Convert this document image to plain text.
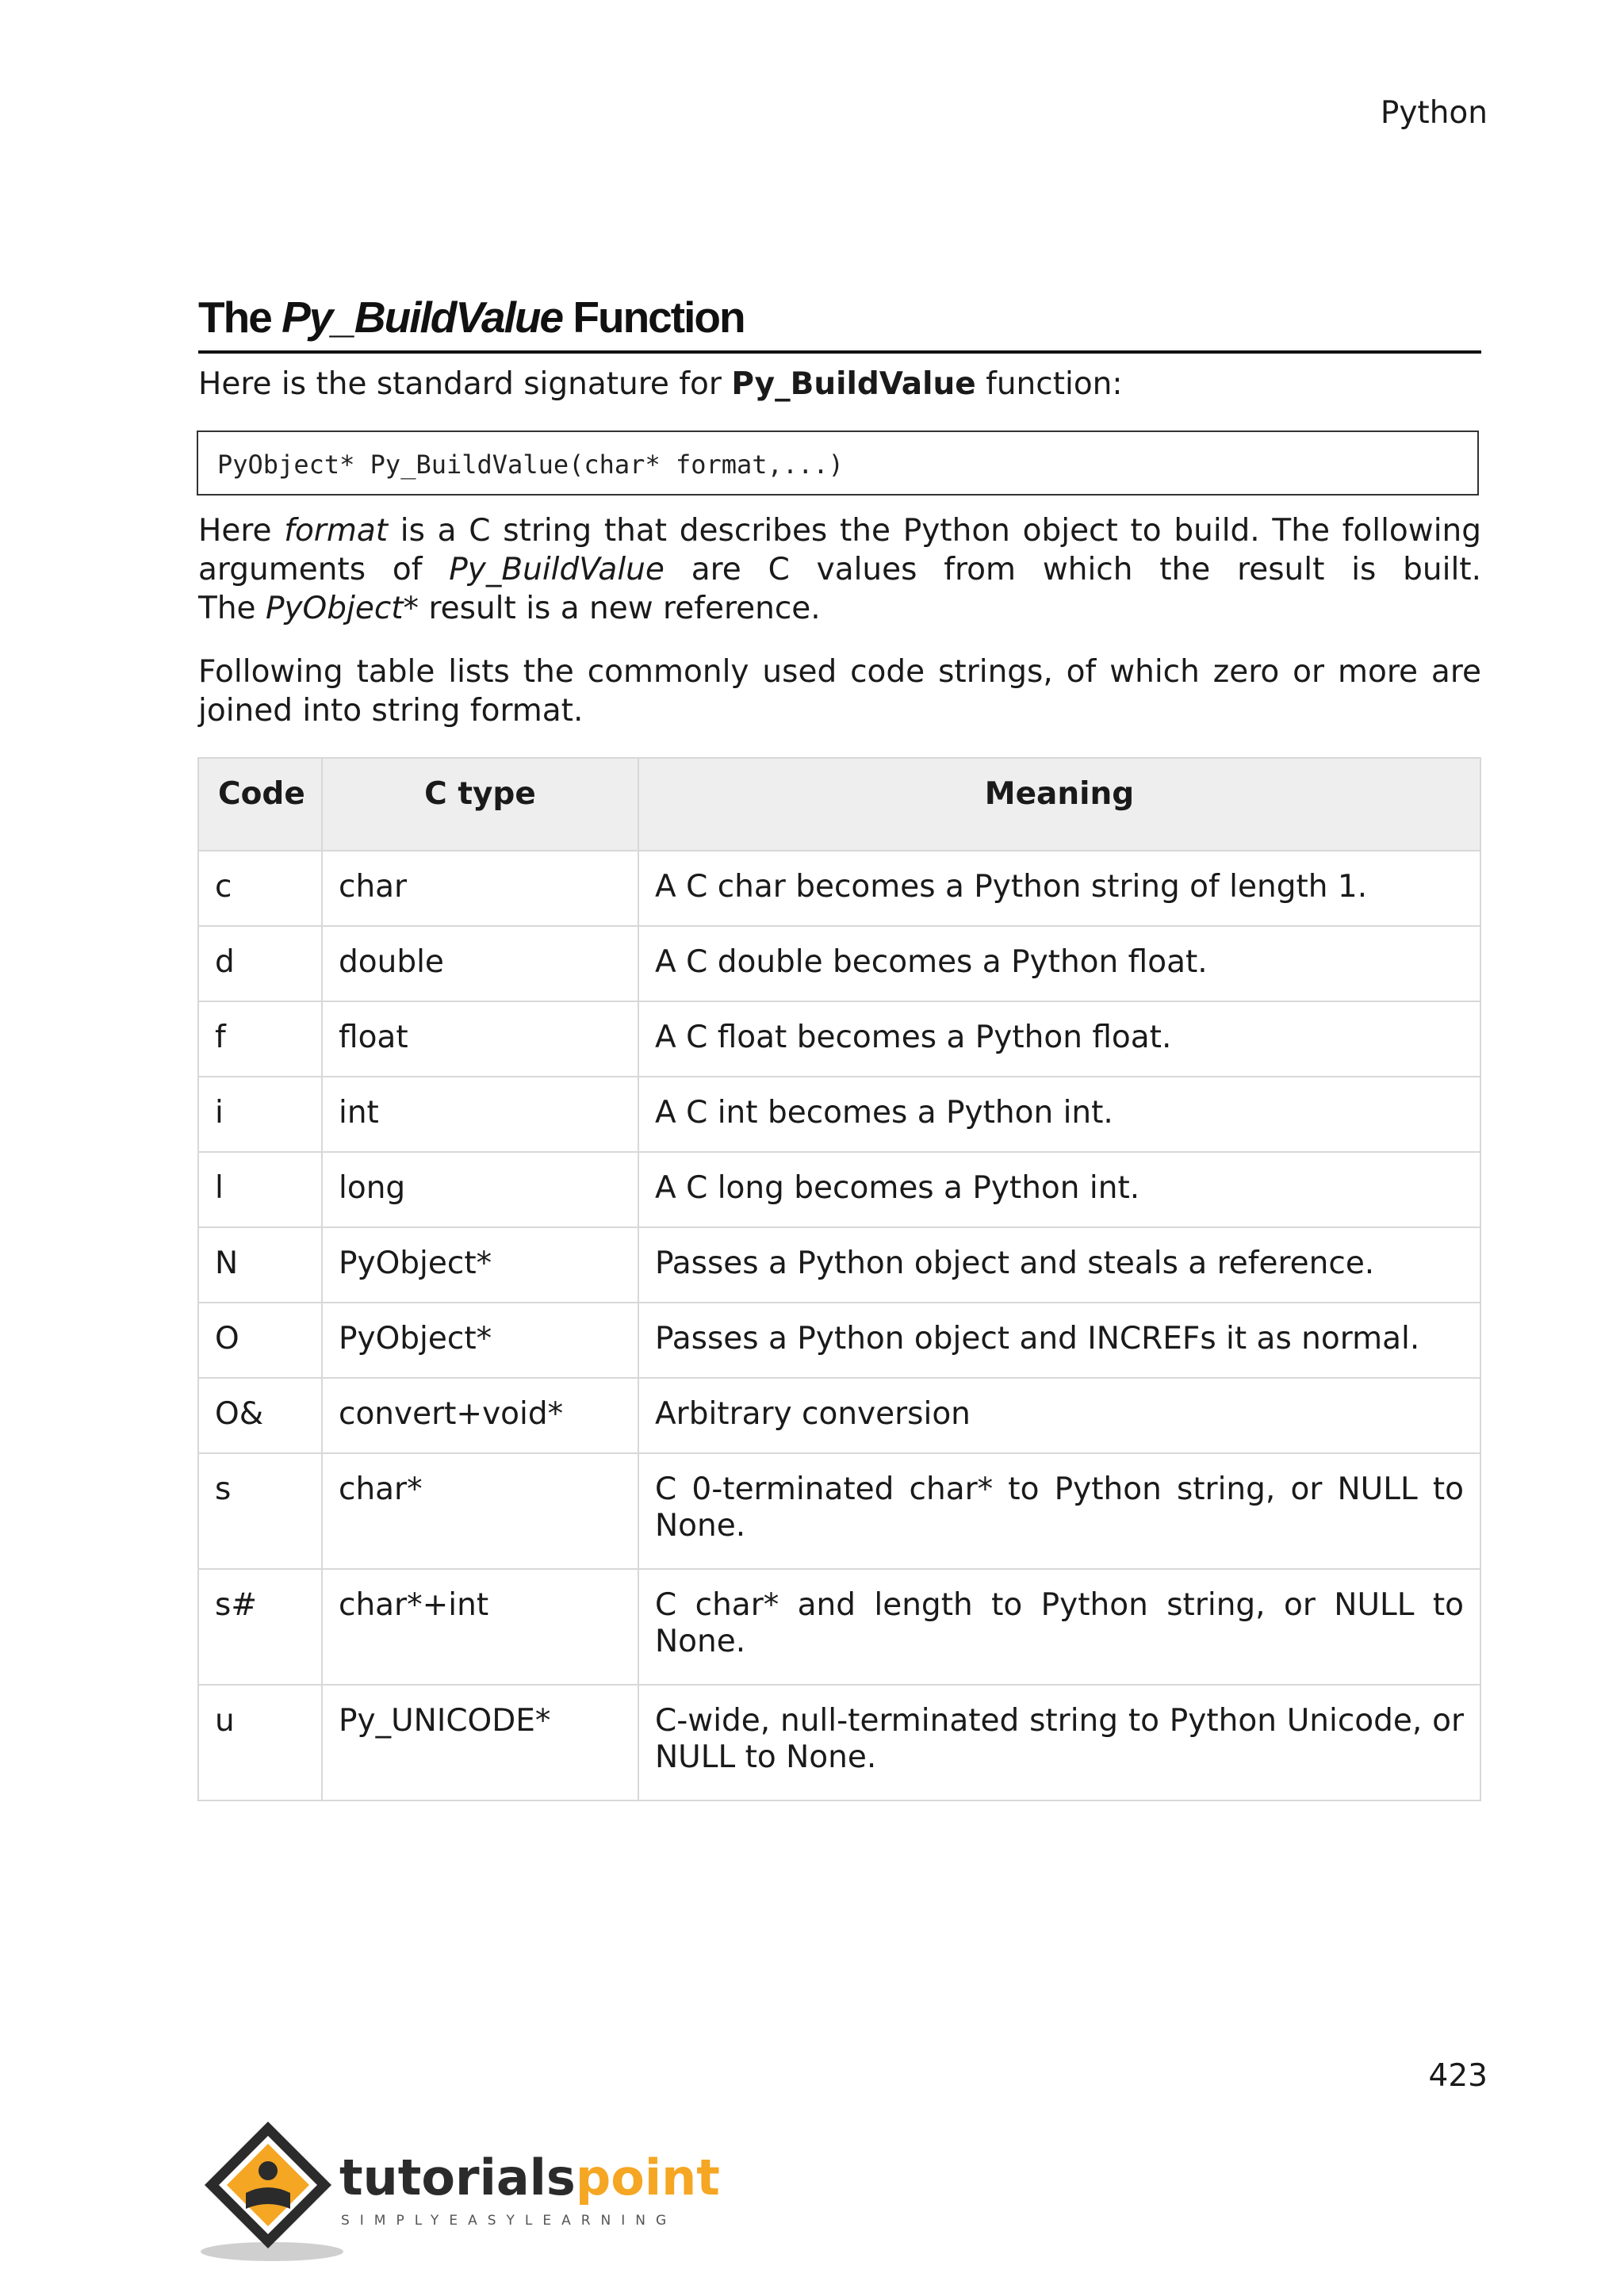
Python
The Py_BuildValue Function
Here is the standard signature for Py_BuildValue function:
PyObject* Py_BuildValue(char* format,...)
Here format is a C string that describes the Python object to build. The following
arguments of Py_BuildValue are C values from which the result is built.
The PyObject* result is a new reference.
Following table lists the commonly used code strings, of which zero or more are joined into string format.
Code	C type	Meaning
c	char	A C char becomes a Python string of length 1.
d	double	A C double becomes a Python float.
f	float	A C float becomes a Python float.
i	int	A C int becomes a Python int.
l	long	A C long becomes a Python int.
N	PyObject*	Passes a Python object and steals a reference.
O	PyObject*	Passes a Python object and INCREFs it as normal.
O&	convert+void*	Arbitrary conversion
s	char*	C 0-terminated char* to Python string, or NULL to None.
s#	char*+int	C char* and length to Python string, or NULL to None.
u	Py_UNICODE*	C-wide, null-terminated string to Python Unicode, or NULL to None.
423
tutorialspoint
SIMPLYEASYLEARNING
